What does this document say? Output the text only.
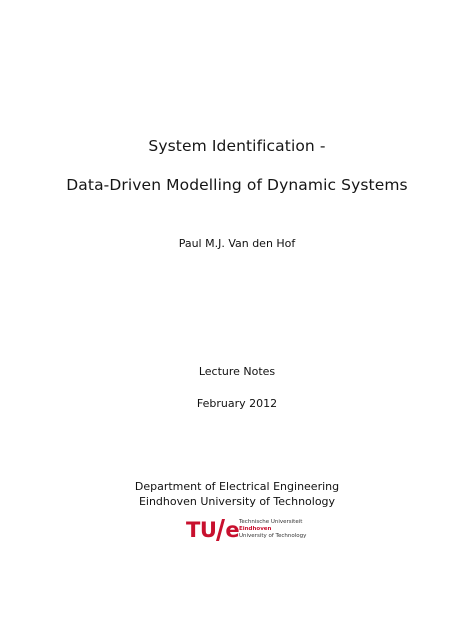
System Identification -
Data-Driven Modelling of Dynamic Systems
Paul M.J. Van den Hof
Lecture Notes
February 2012
Department of Electrical Engineering
Eindhoven University of Technology
TU e Technische Universiteit
Eindhoven
University of Technology
